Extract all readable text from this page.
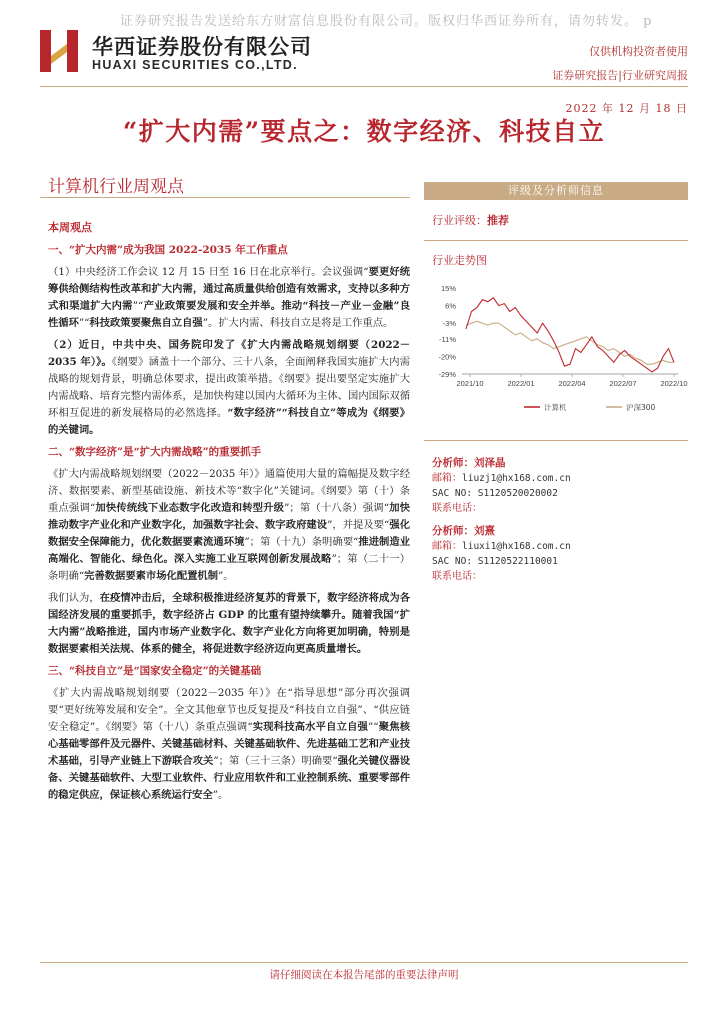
证券研究报告发送给东方财富信息股份有限公司。版权归华西证券所有，请勿转发。 p
华西证券股份有限公司
HUAXI SECURITIES CO.,LTD.
仅供机构投资者使用
证券研究报告|行业研究周报
2022 年 12 月 18 日
“扩大内需”要点之：数字经济、科技自立
计算机行业周观点
本周观点
一、“扩大内需”成为我国 2022-2035 年工作重点

（1）中央经济工作会议 12 月 15 日至 16 日在北京举行。会议强调“要更好统筹供给侧结构性改革和扩大内需，通过高质量供给创造有效需求，支持以多种方式和渠道扩大内需”“产业政策要发展和安全并举。推动“科技－产业－金融”良性循环”“科技政策要聚焦自立自强”。扩大内需、科技自立是将是工作重点。

（2）近日，中共中央、国务院印发了《扩大内需战略规划纲要（2022－2035 年）》。《纲要》涵盖十一个部分、三十八条，全面阐释我国实施扩大内需战略的规划背景，明确总体要求，提出政策举措。《纲要》提出要坚定实施扩大内需战略、培育完整内需体系，是加快构建以国内大循环为主体、国内国际双循环相互促进的新发展格局的必然选择。“数字经济”“科技自立”等成为《纲要》的关键词。

二、“数字经济”是“扩大内需战略”的重要抓手

《扩大内需战略规划纲要（2022－2035 年）》通篇使用大量的篇幅提及数字经济、数据要素、新型基础设施、新技术等“数字化”关键词。《纲要》第（十）条重点强调“加快传统线下业态数字化改造和转型升级”；第（十八条）强调“加快推动数字产业化和产业数字化，加强数字社会、数字政府建设”，并提及要“强化数据安全保障能力，优化数据要素流通环境”；第（十九）条明确要“推进制造业高端化、智能化、绿色化。深入实施工业互联网创新发展战略”；第（二十一）条明确“完善数据要素市场化配置机制”。

我们认为，在疫情冲击后，全球积极推进经济复苏的背景下，数字经济将成为各国经济发展的重要抓手，数字经济占 GDP 的比重有望持续攀升。随着我国“扩大内需”战略推进，国内市场产业数字化、数字产业化方向将更加明确，特别是数据要素相关法规、体系的健全，将促进数字经济迈向更高质量增长。

三、“科技自立”是“国家安全稳定”的关键基础

《扩大内需战略规划纲要（2022－2035 年）》在“指导思想”部分再次强调要“更好统筹发展和安全”。全文其他章节也反复提及“科技自立自强”、“供应链安全稳定”。《纲要》第（十八）条重点强调“实现科技高水平自立自强”“聚焦核心基础零部件及元器件、关键基础材料、关键基础软件、先进基础工艺和产业技术基础，引导产业链上下游联合攻关”；第（三十三条）明确要“强化关键仪器设备、关键基础软件、大型工业软件、行业应用软件和工业控制系统、重要零部件的稳定供应，保证核心系统运行安全”。

评级及分析师信息
行业评级：推荐
行业走势图
15%
6%
-3%
-11%
-20%
-29%
2021/10	2022/01	2022/04	2022/07	2022/10
计算机	沪深300
分析师：刘泽晶
邮箱：liuzj1@hx168.com.cn
SAC NO: S1120520020002
联系电话：
分析师：刘熹
邮箱：liuxi1@hx168.com.cn
SAC NO: S1120522110001
联系电话：
请仔细阅读在本报告尾部的重要法律声明
